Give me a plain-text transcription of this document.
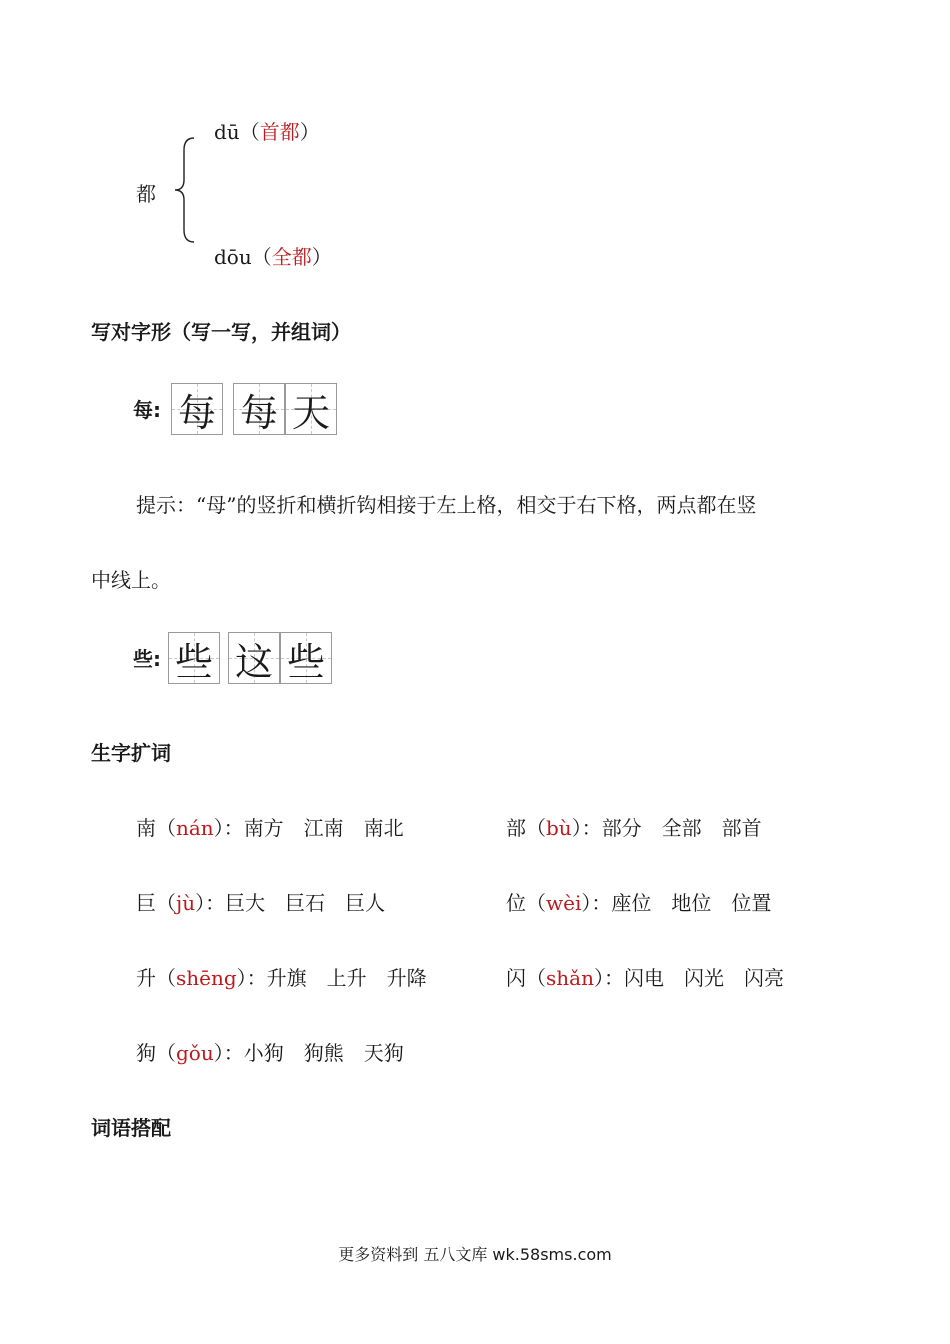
都
dū（首都）
dōu（全都）
写对字形（写一写，并组词）
每: 每 每 天
提示：“母”的竖折和横折钩相接于左上格，相交于右下格，两点都在竖
中线上。
些: 些 这 些
生字扩词
南（nán）：南方　江南　南北	部（bù）：部分　全部　部首
巨（jù）：巨大　巨石　巨人	位（wèi）：座位　地位　位置
升（shēng）：升旗　上升　升降	闪（shǎn）：闪电　闪光　闪亮
狗（gǒu）：小狗　狗熊　天狗
词语搭配
更多资料到 五八文库 wk.58sms.com
